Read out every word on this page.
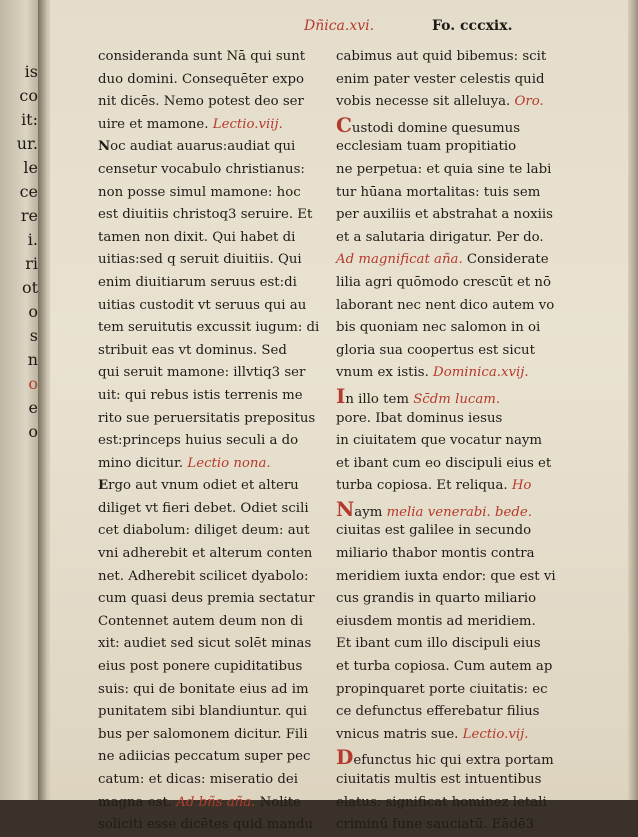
is
co
it:
ur.
le
ce
re
i.
ri
ot
o
s
n
o
e
o
Dñica.xvi.	Fo. cccxix.
consideranda sunt Nā qui sunt
duo domini. Consequēter expo
nit dicēs. Nemo potest deo ser
uire et mamone. Lectio.viij.
Noc audiat auarus:audiat qui
censetur vocabulo christianus:
non posse simul mamone: hoc
est diuitiis christoq3 seruire. Et
tamen non dixit. Qui habet di
uitias:sed q seruit diuitiis. Qui
enim diuitiarum seruus est:di
uitias custodit vt seruus qui au
tem seruitutis excussit iugum: di
stribuit eas vt dominus. Sed
qui seruit mamone: illvtiq3 ser
uit: qui rebus istis terrenis me
rito sue peruersitatis prepositus
est:princeps huius seculi a do
mino dicitur. Lectio nona.
Ergo aut vnum odiet et alteru
diliget vt fieri debet. Odiet scili
cet diabolum: diliget deum: aut
vni adherebit et alterum conten
net. Adherebit scilicet dyabolo:
cum quasi deus premia sectatur
Contennet autem deum non di
xit: audiet sed sicut solēt minas
eius post ponere cupiditatibus
suis: qui de bonitate eius ad im
punitatem sibi blandiuntur. qui
bus per salomonem dicitur. Fili
ne adiicias peccatum super pec
catum: et dicas: miseratio dei
magna est. Ad bñs aña. Nolite
soliciti esse dicētes quid mandu
cabimus aut quid bibemus: scit
enim pater vester celestis quid
vobis necesse sit alleluya. Oro.
Custodi domine quesumus
ecclesiam tuam propitiatio
ne perpetua: et quia sine te labi
tur hūana mortalitas: tuis sem
per auxiliis et abstrahat a noxiis
et a salutaria dirigatur. Per do.
Ad magnificat aña. Considerate
lilia agri quōmodo crescūt et nō
laborant nec nent dico autem vo
bis quoniam nec salomon in oi
gloria sua coopertus est sicut
vnum ex istis. Dominica.xvij.
In illo tem Sc̄dm lucam.
pore. Ibat dominus iesus
in ciuitatem que vocatur naym
et ibant cum eo discipuli eius et
turba copiosa. Et reliqua. Ho
Naym melia venerabi. bede.
ciuitas est galilee in secundo
miliario thabor montis contra
meridiem iuxta endor: que est vi
cus grandis in quarto miliario
eiusdem montis ad meridiem.
Et ibant cum illo discipuli eius
et turba copiosa. Cum autem ap
propinquaret porte ciuitatis: ec
ce defunctus efferebatur filius
vnicus matris sue. Lectio.vij.
Defunctus hic qui extra portam
ciuitatis multis est intuentibus
elatus: significat hominez letali
criminū fune sauciatū. Eādē3
